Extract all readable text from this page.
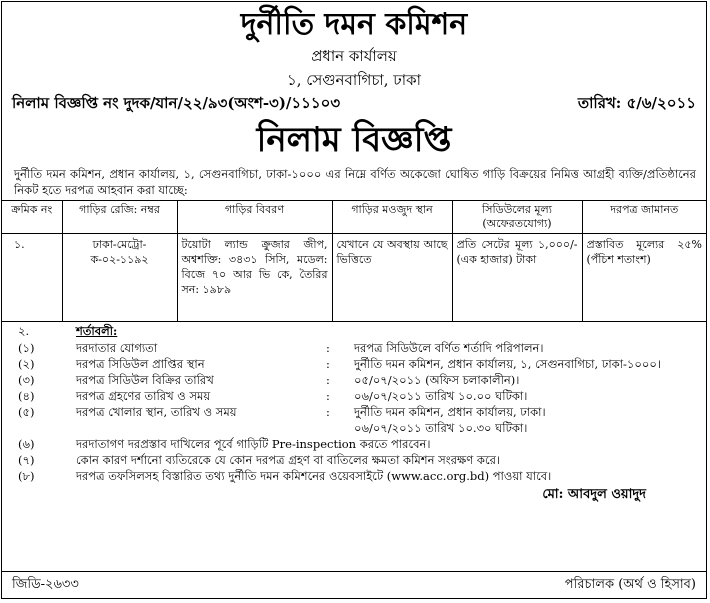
দুর্নীতি দমন কমিশন
প্রধান কার্যালয়
১, সেগুনবাগিচা, ঢাকা
নিলাম বিজ্ঞপ্তি নং দুদক/যান/২২/৯৩(অংশ-৩)/১১১০৩	তারিখ: ৫/৬/২০১১
নিলাম বিজ্ঞপ্তি
দুর্নীতি দমন কমিশন, প্রধান কার্যালয়, ১, সেগুনবাগিচা, ঢাকা-১০০০ এর নিম্নে বর্ণিত অকেজো ঘোষিত গাড়ি বিক্রয়ের নিমিত্ত আগ্রহী ব্যক্তি/প্রতিষ্ঠানের নিকট হতে দরপত্র আহবান করা যাচ্ছে:
ক্রমিক নং	গাড়ির রেজি: নম্বর	গাড়ির বিবরণ	গাড়ির মওজুদ স্থান	সিডিউলের মূল্য (অফেরতযোগ্য)	দরপত্র জামানত
১.	ঢাকা-মেট্রো-ক-০২-১১৯২	টয়োটা ল্যান্ড ক্রুজার জীপ, অশ্বশক্তি: ৩৪৩১ সিসি, মডেল: বিজে ৭০ আর ভি কে, তৈরির সন: ১৯৮৯	যেখানে যে অবস্থায় আছে ভিত্তিতে	প্রতি সেটের মূল্য ১,০০০/- (এক হাজার) টাকা	প্রস্তাবিত মূল্যের ২৫% (পঁচিশ শতাংশ)
২.	শর্তাবলী:
(১)	দরদাতার যোগ্যতা	:	দরপত্র সিডিউলে বর্ণিত শর্তাদি পরিপালন।
(২)	দরপত্র সিডিউল প্রাপ্তির স্থান	:	দুর্নীতি দমন কমিশন, প্রধান কার্যালয়, ১, সেগুনবাগিচা, ঢাকা-১০০০।
(৩)	দরপত্র সিডিউল বিক্রির তারিখ	:	০৫/০৭/২০১১ (অফিস চলাকালীন)।
(৪)	দরপত্র গ্রহণের তারিখ ও সময়	:	০৬/০৭/২০১১ তারিখ ১০.০০ ঘটিকা।
(৫)	দরপত্র খোলার স্থান, তারিখ ও সময়	:	দুর্নীতি দমন কমিশন, প্রধান কার্যালয়, ঢাকা।
০৬/০৭/২০১১ তারিখ ১০.৩০ ঘটিকা।
(৬)	দরদাতাগণ দরপ্রস্তাব দাখিলের পূর্বে গাড়িটি Pre-inspection করতে পারবেন।
(৭)	কোন কারণ দর্শানো ব্যতিরেকে যে কোন দরপত্র গ্রহণ বা বাতিলের ক্ষমতা কমিশন সংরক্ষণ করে।
(৮)	দরপত্র তফসিলসহ বিস্তারিত তথ্য দুর্নীতি দমন কমিশনের ওয়েবসাইটে (www.acc.org.bd) পাওয়া যাবে।
মো: আবদুল ওয়াদুদ
জিডি-২৬৩৩	পরিচালক (অর্থ ও হিসাব)
